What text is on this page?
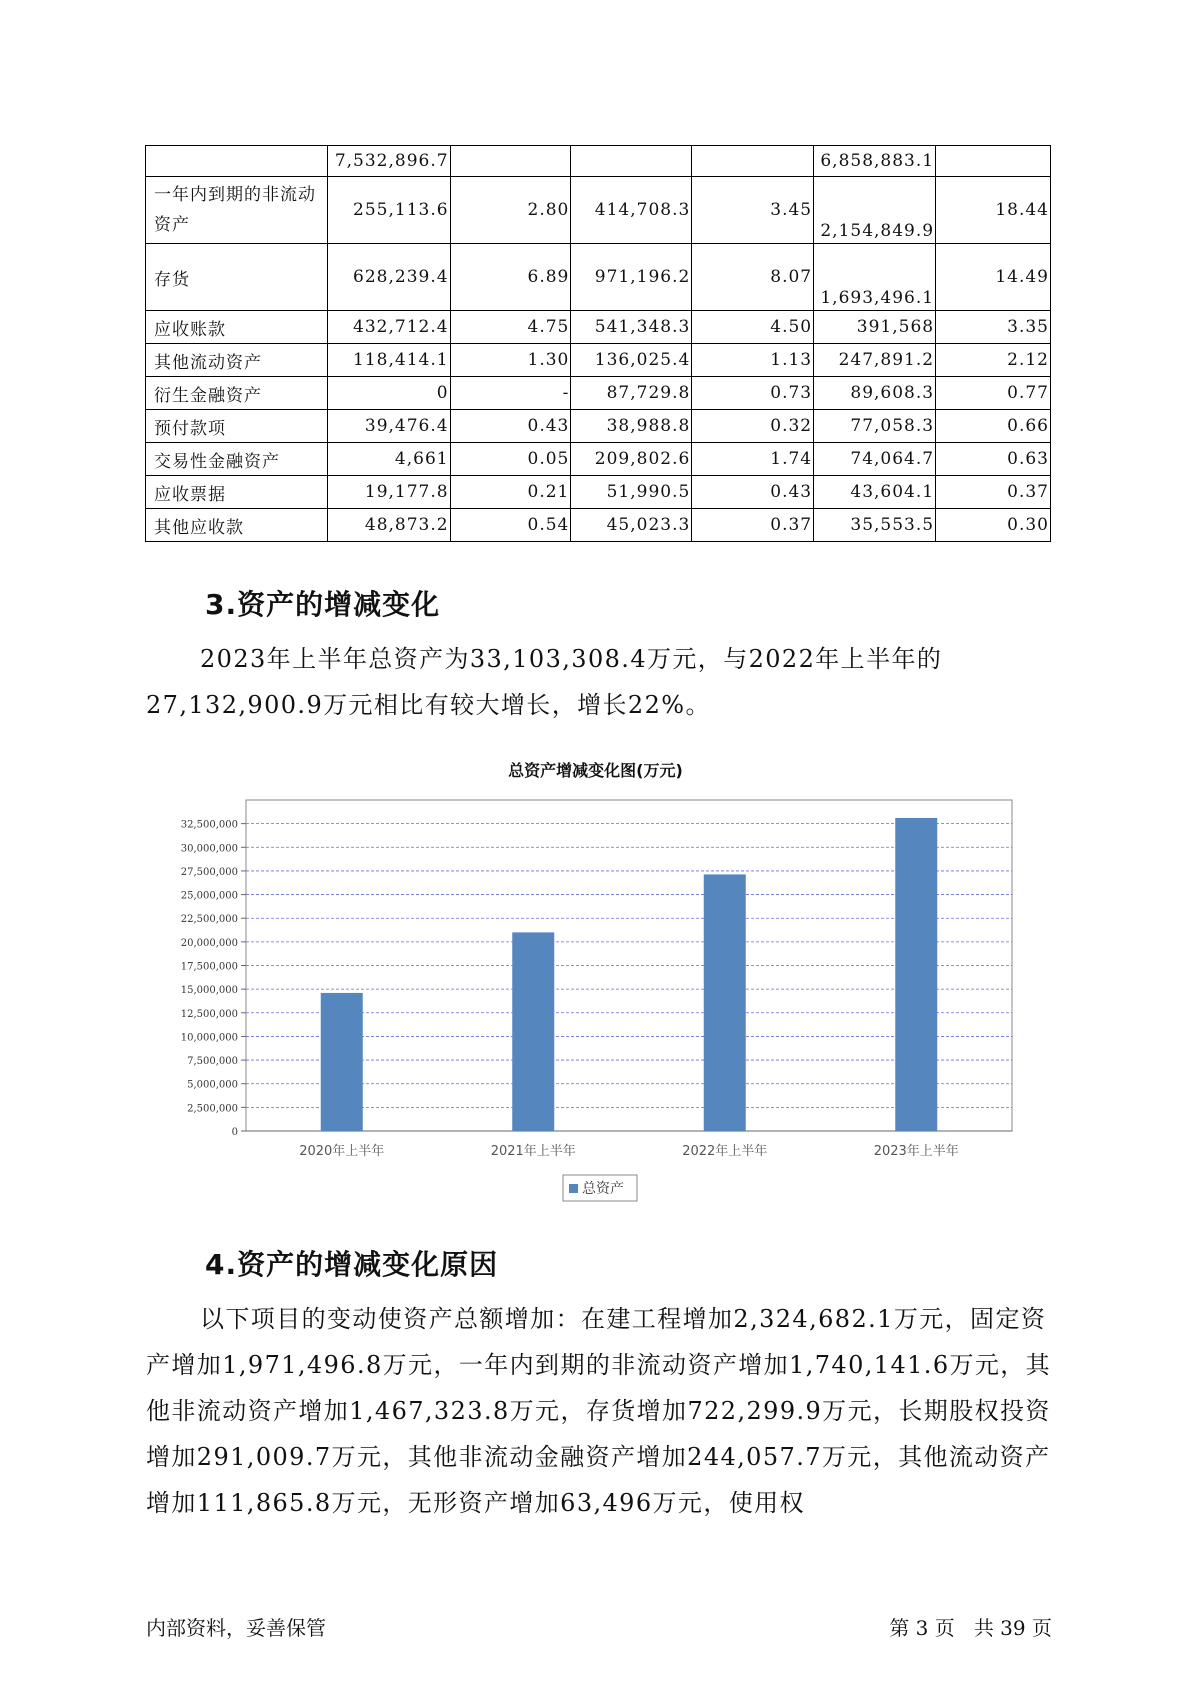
	7,532,896.7				6,858,883.1	
一年内到期的非流动资产	255,113.6	2.80	414,708.3	3.45	2,154,849.9	18.44
存货	628,239.4	6.89	971,196.2	8.07	1,693,496.1	14.49
应收账款	432,712.4	4.75	541,348.3	4.50	391,568	3.35
其他流动资产	118,414.1	1.30	136,025.4	1.13	247,891.2	2.12
衍生金融资产	0	-	87,729.8	0.73	89,608.3	0.77
预付款项	39,476.4	0.43	38,988.8	0.32	77,058.3	0.66
交易性金融资产	4,661	0.05	209,802.6	1.74	74,064.7	0.63
应收票据	19,177.8	0.21	51,990.5	0.43	43,604.1	0.37
其他应收款	48,873.2	0.54	45,023.3	0.37	35,553.5	0.30
3.资产的增减变化

2023年上半年总资产为33,103,308.4万元，与2022年上半年的27,132,900.9万元相比有较大增长，增长22%。

总资产增减变化图(万元)
0
2,500,000
5,000,000
7,500,000
10,000,000
12,500,000
15,000,000
17,500,000
20,000,000
22,500,000
25,000,000
27,500,000
30,000,000
32,500,000
2020年上半年	2021年上半年	2022年上半年	2023年上半年
总资产
4.资产的增减变化原因

以下项目的变动使资产总额增加：在建工程增加2,324,682.1万元，固定资产增加1,971,496.8万元，一年内到期的非流动资产增加1,740,141.6万元，其他非流动资产增加1,467,323.8万元，存货增加722,299.9万元，长期股权投资增加291,009.7万元，其他非流动金融资产增加244,057.7万元，其他流动资产增加111,865.8万元，无形资产增加63,496万元，使用权

内部资料，妥善保管	第 3 页   共 39 页
